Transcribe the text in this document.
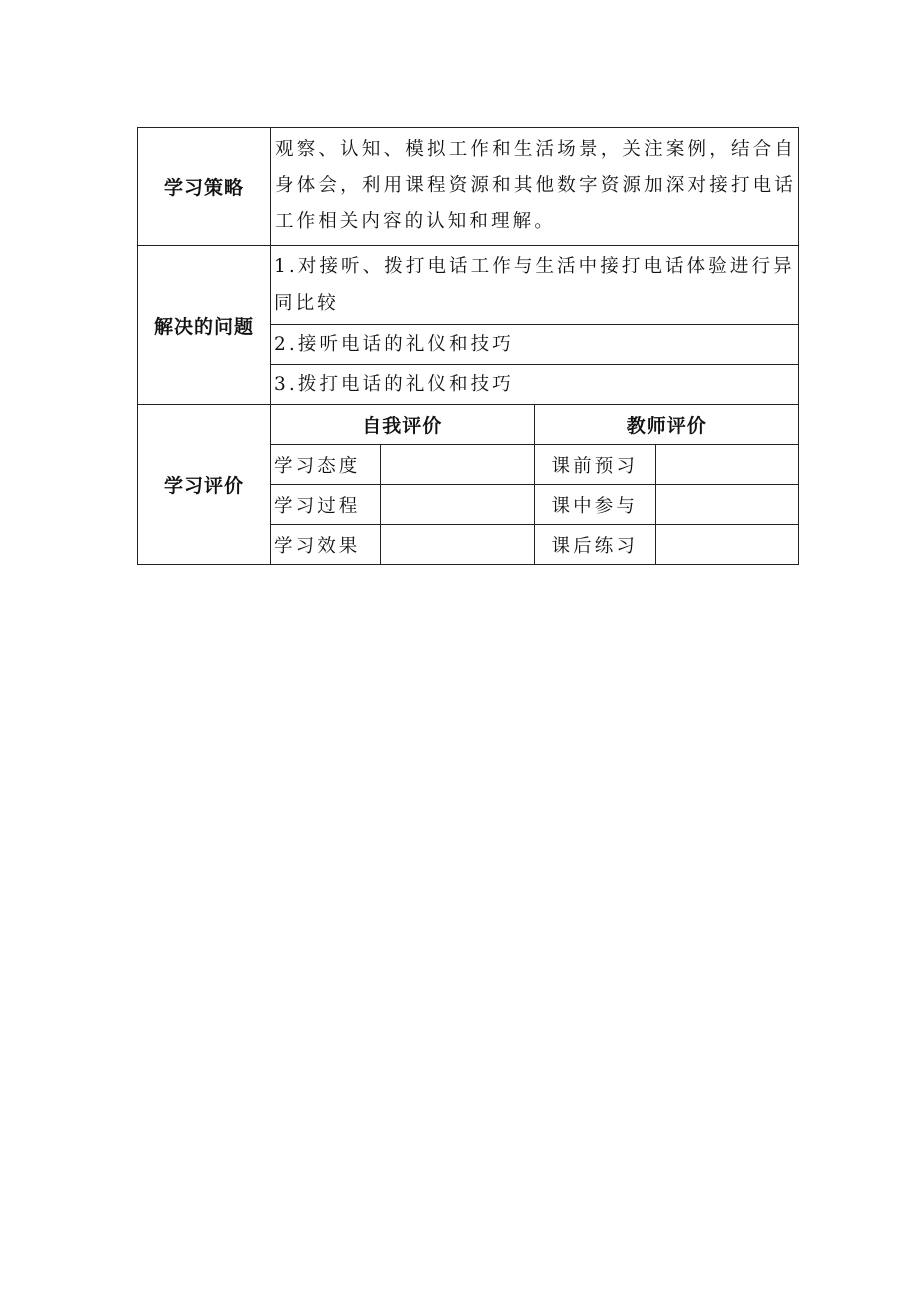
学习策略	观察、认知、模拟工作和生活场景，关注案例，结合自身体会，利用课程资源和其他数字资源加深对接打电话工作相关内容的认知和理解。
解决的问题	1.对接听、拨打电话工作与生活中接打电话体验进行异同比较
2.接听电话的礼仪和技巧
3.拨打电话的礼仪和技巧
学习评价	
自我评价	教师评价
学习态度		课前预习	
学习过程		课中参与	
学习效果		课后练习	
